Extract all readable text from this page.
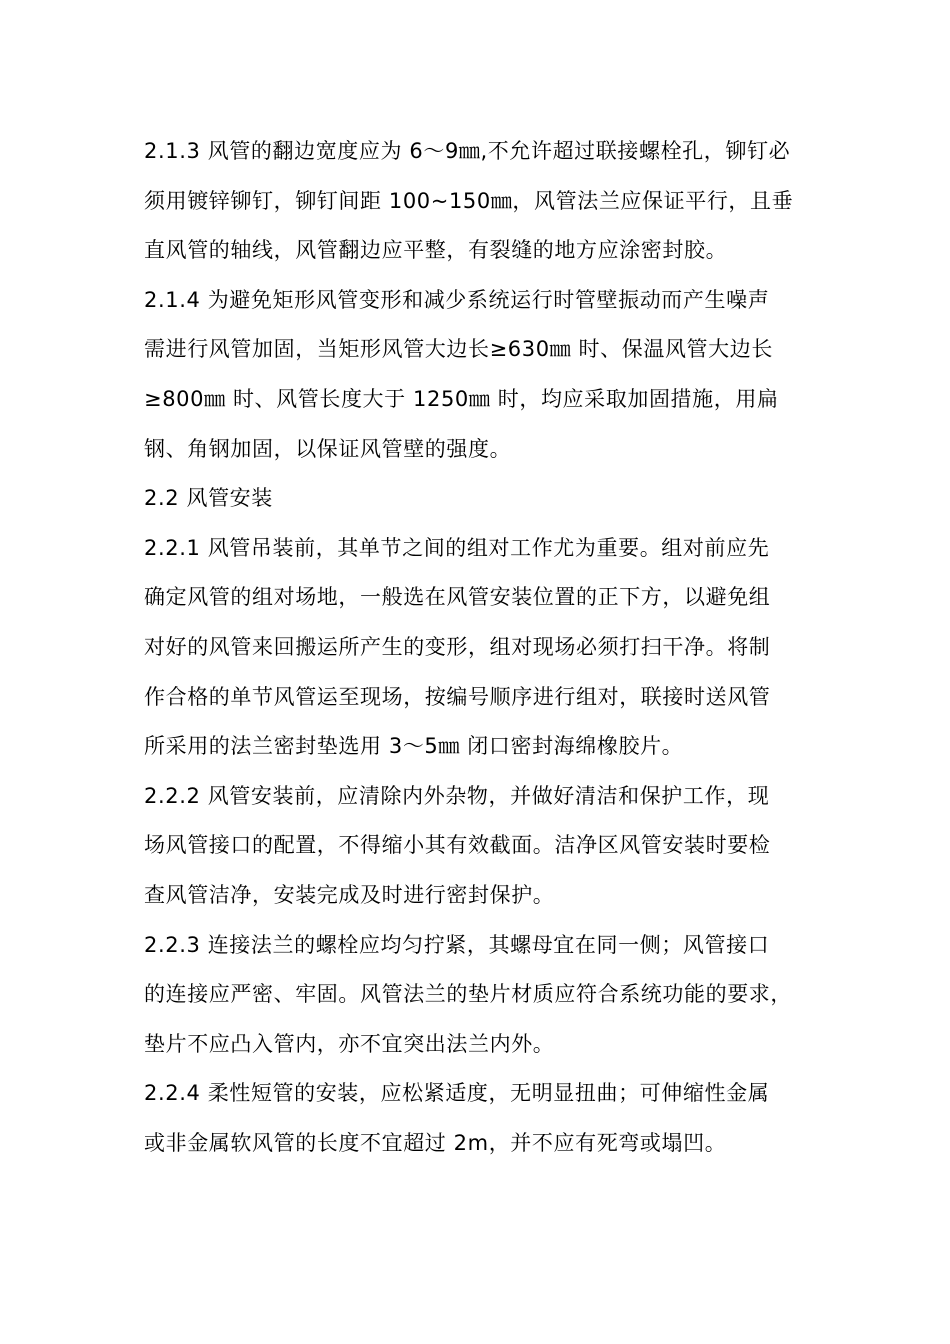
2.1.3 风管的翻边宽度应为 6～9㎜,不允许超过联接螺栓孔，铆钉必
须用镀锌铆钉，铆钉间距 100~150㎜，风管法兰应保证平行，且垂
直风管的轴线，风管翻边应平整，有裂缝的地方应涂密封胶。
2.1.4 为避免矩形风管变形和减少系统运行时管壁振动而产生噪声
需进行风管加固，当矩形风管大边长≥630㎜ 时、保温风管大边长
≥800㎜ 时、风管长度大于 1250㎜ 时，均应采取加固措施，用扁
钢、角钢加固，以保证风管壁的强度。
2.2 风管安装
2.2.1 风管吊装前，其单节之间的组对工作尤为重要。组对前应先
确定风管的组对场地，一般选在风管安装位置的正下方，以避免组
对好的风管来回搬运所产生的变形，组对现场必须打扫干净。将制
作合格的单节风管运至现场，按编号顺序进行组对，联接时送风管
所采用的法兰密封垫选用 3～5㎜ 闭口密封海绵橡胶片。
2.2.2 风管安装前，应清除内外杂物，并做好清洁和保护工作，现
场风管接口的配置，不得缩小其有效截面。洁净区风管安装时要检
查风管洁净，安装完成及时进行密封保护。
2.2.3 连接法兰的螺栓应均匀拧紧，其螺母宜在同一侧；风管接口
的连接应严密、牢固。风管法兰的垫片材质应符合系统功能的要求，
垫片不应凸入管内，亦不宜突出法兰内外。
2.2.4 柔性短管的安装，应松紧适度，无明显扭曲；可伸缩性金属
或非金属软风管的长度不宜超过 2m，并不应有死弯或塌凹。
